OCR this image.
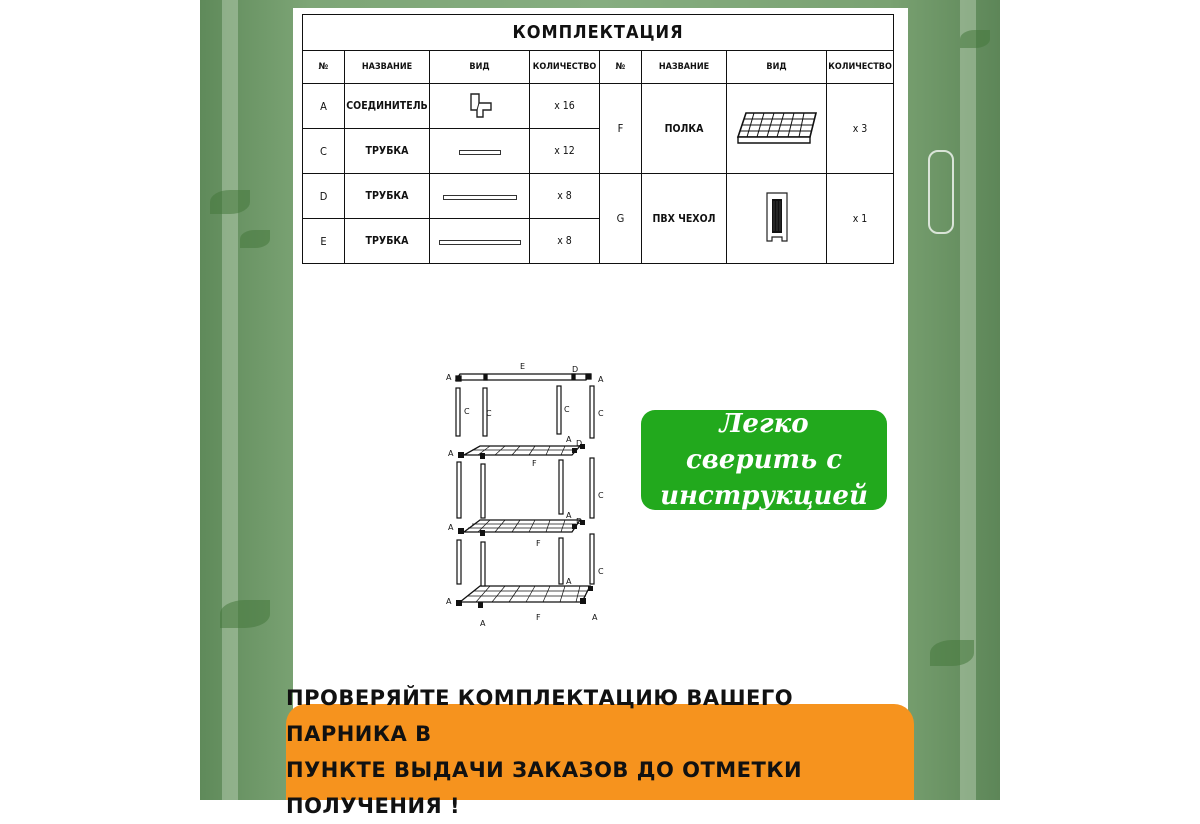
КОМПЛЕКТАЦИЯ							
№	НАЗВАНИЕ	ВИД	КОЛИЧЕСТВО	№	НАЗВАНИЕ	ВИД	КОЛИЧЕСТВО
A	СОЕДИНИТЕЛЬ		x 16	F	ПОЛКА		x 3
C	ТРУБКА		x 12				
D	ТРУБКА		x 8	G	ПВХ ЧЕХОЛ		x 1
E	ТРУБКА		x 8				
E	D
A	A
C C	C	C
A D
A
F
C
A
D
A
F
C
A
A
A
F	A
Легко сверить с
инструкцией
ПРОВЕРЯЙТЕ КОМПЛЕКТАЦИЮ ВАШЕГО ПАРНИКА В
ПУНКТЕ ВЫДАЧИ ЗАКАЗОВ ДО ОТМЕТКИ ПОЛУЧЕНИЯ !
